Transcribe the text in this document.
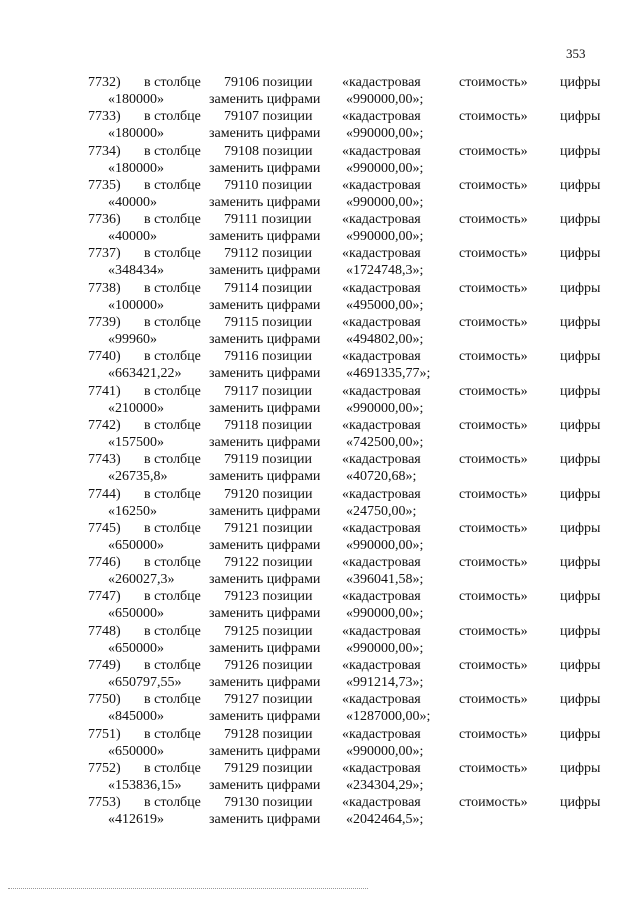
353
7732)	в столбце	79106 позиции	«кадастровая	стоимость»	цифры
«180000»	заменить цифрами	«990000,00»;
7733)	в столбце	79107 позиции	«кадастровая	стоимость»	цифры
«180000»	заменить цифрами	«990000,00»;
7734)	в столбце	79108 позиции	«кадастровая	стоимость»	цифры
«180000»	заменить цифрами	«990000,00»;
7735)	в столбце	79110 позиции	«кадастровая	стоимость»	цифры
«40000»	заменить цифрами	«990000,00»;
7736)	в столбце	79111 позиции	«кадастровая	стоимость»	цифры
«40000»	заменить цифрами	«990000,00»;
7737)	в столбце	79112 позиции	«кадастровая	стоимость»	цифры
«348434»	заменить цифрами	«1724748,3»;
7738)	в столбце	79114 позиции	«кадастровая	стоимость»	цифры
«100000»	заменить цифрами	«495000,00»;
7739)	в столбце	79115 позиции	«кадастровая	стоимость»	цифры
«99960»	заменить цифрами	«494802,00»;
7740)	в столбце	79116 позиции	«кадастровая	стоимость»	цифры
«663421,22»	заменить цифрами	«4691335,77»;
7741)	в столбце	79117 позиции	«кадастровая	стоимость»	цифры
«210000»	заменить цифрами	«990000,00»;
7742)	в столбце	79118 позиции	«кадастровая	стоимость»	цифры
«157500»	заменить цифрами	«742500,00»;
7743)	в столбце	79119 позиции	«кадастровая	стоимость»	цифры
«26735,8»	заменить цифрами	«40720,68»;
7744)	в столбце	79120 позиции	«кадастровая	стоимость»	цифры
«16250»	заменить цифрами	«24750,00»;
7745)	в столбце	79121 позиции	«кадастровая	стоимость»	цифры
«650000»	заменить цифрами	«990000,00»;
7746)	в столбце	79122 позиции	«кадастровая	стоимость»	цифры
«260027,3»	заменить цифрами	«396041,58»;
7747)	в столбце	79123 позиции	«кадастровая	стоимость»	цифры
«650000»	заменить цифрами	«990000,00»;
7748)	в столбце	79125 позиции	«кадастровая	стоимость»	цифры
«650000»	заменить цифрами	«990000,00»;
7749)	в столбце	79126 позиции	«кадастровая	стоимость»	цифры
«650797,55»	заменить цифрами	«991214,73»;
7750)	в столбце	79127 позиции	«кадастровая	стоимость»	цифры
«845000»	заменить цифрами	«1287000,00»;
7751)	в столбце	79128 позиции	«кадастровая	стоимость»	цифры
«650000»	заменить цифрами	«990000,00»;
7752)	в столбце	79129 позиции	«кадастровая	стоимость»	цифры
«153836,15»	заменить цифрами	«234304,29»;
7753)	в столбце	79130 позиции	«кадастровая	стоимость»	цифры
«412619»	заменить цифрами	«2042464,5»;
